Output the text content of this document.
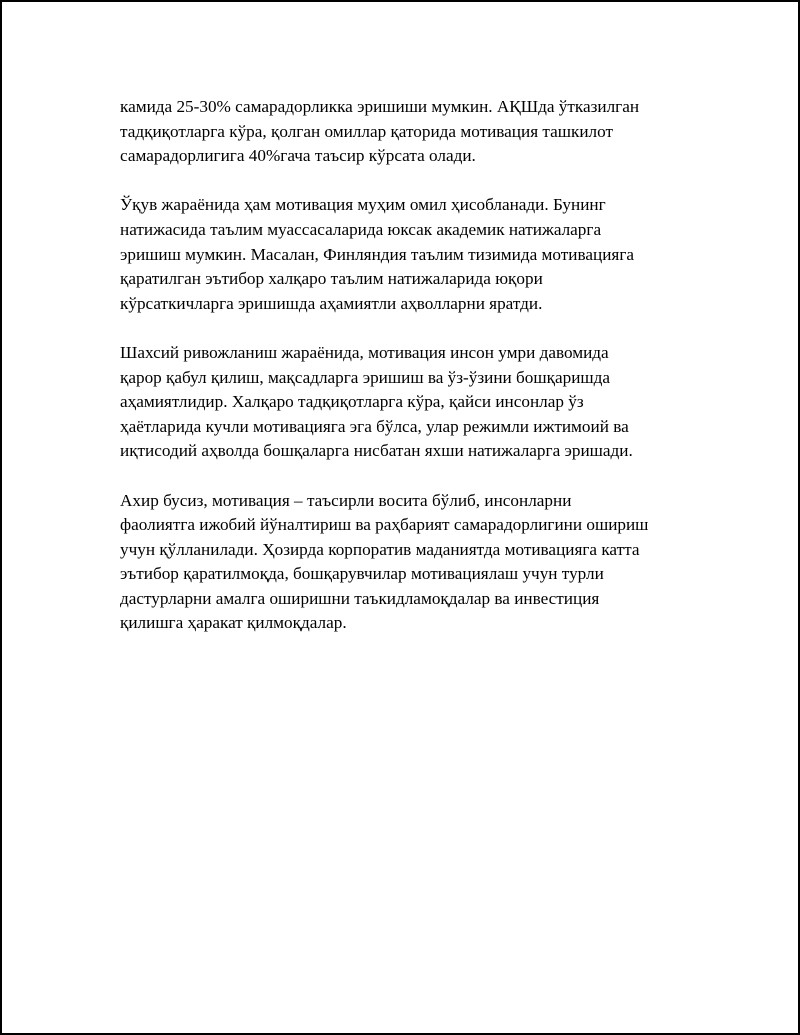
камида 25-30% самарадорликка эришиши мумкин. АҚШда ўтказилган
тадқиқотларга кўра, қолган омиллар қаторида мотивация ташкилот
самарадорлигига 40%гача таъсир кўрсата олади.

Ўқув жараёнида ҳам мотивация муҳим омил ҳисобланади. Бунинг
натижасида таълим муассасаларида юксак академик натижаларга
эришиш мумкин. Масалан, Финляндия таълим тизимида мотивацияга
қаратилган эътибор халқаро таълим натижаларида юқори
кўрсаткичларга эришишда аҳамиятли аҳволларни яратди.

Шахсий ривожланиш жараёнида, мотивация инсон умри давомида
қарор қабул қилиш, мақсадларга эришиш ва ўз-ўзини бошқаришда
аҳамиятлидир. Халқаро тадқиқотларга кўра, қайси инсонлар ўз
ҳаётларида кучли мотивацияга эга бўлса, улар режимли ижтимоий ва
иқтисодий аҳволда бошқаларга нисбатан яхши натижаларга эришади.

Ахир бусиз, мотивация – таъсирли восита бўлиб, инсонларни
фаолиятга ижобий йўналтириш ва раҳбарият самарадорлигини ошириш
учун қўлланилади. Ҳозирда корпоратив маданиятда мотивацияга катта
эътибор қаратилмоқда, бошқарувчилар мотивациялаш учун турли
дастурларни амалга оширишни таъкидламоқдалар ва инвестиция
қилишга ҳаракат қилмоқдалар.
